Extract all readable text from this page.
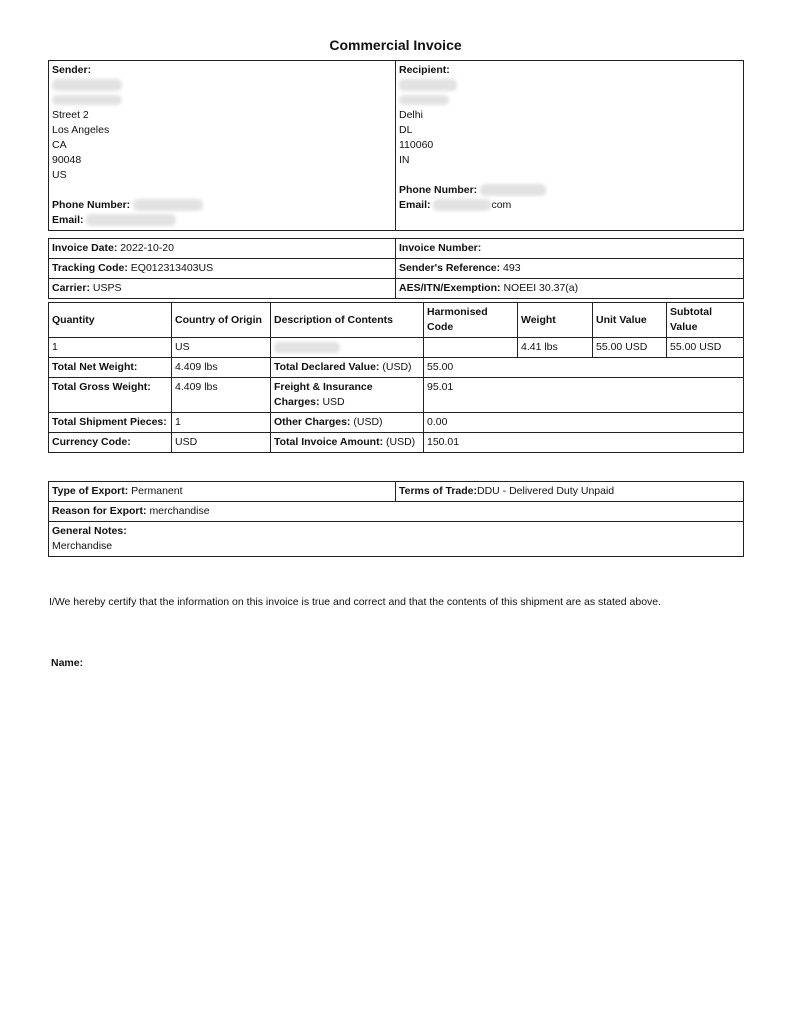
Commercial Invoice
Sender:
Street 2
Los Angeles
CA
90048
US
Phone Number:
Email:

Recipient:
Delhi
DL
110060
IN
Phone Number:
Email:	com
Invoice Date: 2022-10-20	Invoice Number:
Tracking Code: EQ012313403US	Sender's Reference: 493
Carrier: USPS	AES/ITN/Exemption: NOEEI 30.37(a)
Quantity	Country of Origin	Description of Contents	Harmonised Code	Weight	Unit Value	Subtotal Value
1	US			4.41 lbs	55.00 USD	55.00 USD
Total Net Weight:	4.409 lbs	Total Declared Value: (USD)	55.00			
Total Gross Weight:	4.409 lbs	Freight & Insurance Charges: USD	95.01			
Total Shipment Pieces:	1	Other Charges: (USD)	0.00			
Currency Code:	USD	Total Invoice Amount: (USD)	150.01			
Type of Export: Permanent	Terms of Trade:DDU - Delivered Duty Unpaid
Reason for Export: merchandise

General Notes:
Merchandise
I/We hereby certify that the information on this invoice is true and correct and that the contents of this shipment are as stated above.
Name:
